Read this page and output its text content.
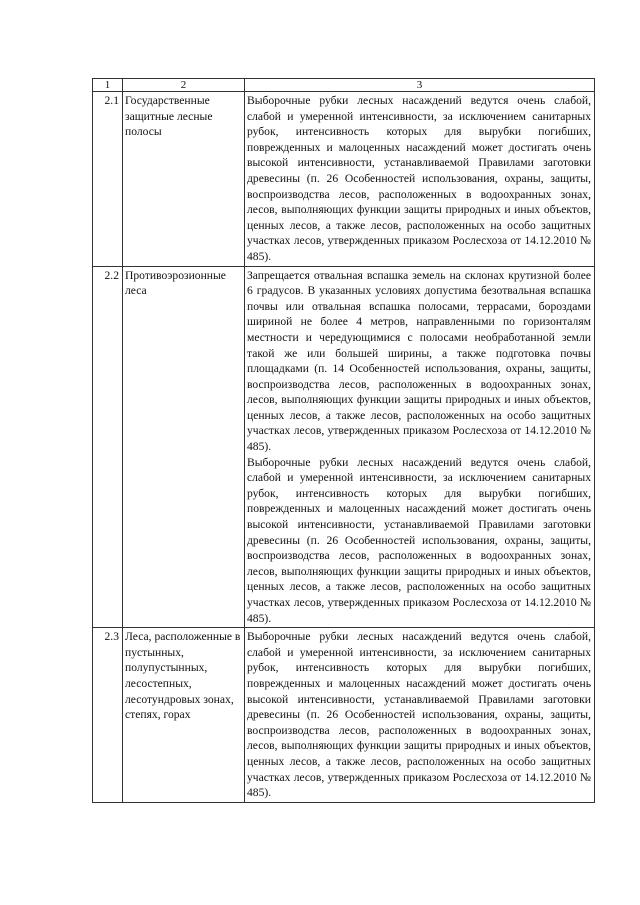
1	2	3
2.1	Государственные защитные лесные полосы	Выборочные рубки лесных насаждений ведутся очень слабой, слабой и умеренной интенсивности, за исключением санитарных рубок, интенсивность которых для вырубки погибших, поврежденных и малоценных насаждений может достигать очень высокой интенсивности, устанавливаемой Правилами заготовки древесины (п. 26 Особенностей использования, охраны, защиты, воспроизводства лесов, расположенных в водоохранных зонах, лесов, выполняющих функции защиты природных и иных объектов, ценных лесов, а также лесов, расположенных на особо защитных участках лесов, утвержденных приказом Рослесхоза от 14.12.2010 № 485).

2.2	Противоэрозионные леса	Запрещается отвальная вспашка земель на склонах крутизной более 6 градусов. В указанных условиях допустима безотвальная вспашка почвы или отвальная вспашка полосами, террасами, бороздами шириной не более 4 метров, направленными по горизонталям местности и чередующимися с полосами необработанной земли такой же или большей ширины, а также подготовка почвы площадками (п. 14 Особенностей использования, охраны, защиты, воспроизводства лесов, расположенных в водоохранных зонах, лесов, выполняющих функции защиты природных и иных объектов, ценных лесов, а также лесов, расположенных на особо защитных участках лесов, утвержденных приказом Рослесхоза от 14.12.2010 № 485).
Выборочные рубки лесных насаждений ведутся очень слабой, слабой и умеренной интенсивности, за исключением санитарных рубок, интенсивность которых для вырубки погибших, поврежденных и малоценных насаждений может достигать очень высокой интенсивности, устанавливаемой Правилами заготовки древесины (п. 26 Особенностей использования, охраны, защиты, воспроизводства лесов, расположенных в водоохранных зонах, лесов, выполняющих функции защиты природных и иных объектов, ценных лесов, а также лесов, расположенных на особо защитных участках лесов, утвержденных приказом Рослесхоза от 14.12.2010 № 485).

2.3	Леса, расположенные в пустынных, полупустынных, лесостепных, лесотундровых зонах, степях, горах	Выборочные рубки лесных насаждений ведутся очень слабой, слабой и умеренной интенсивности, за исключением санитарных рубок, интенсивность которых для вырубки погибших, поврежденных и малоценных насаждений может достигать очень высокой интенсивности, устанавливаемой Правилами заготовки древесины (п. 26 Особенностей использования, охраны, защиты, воспроизводства лесов, расположенных в водоохранных зонах, лесов, выполняющих функции защиты природных и иных объектов, ценных лесов, а также лесов, расположенных на особо защитных участках лесов, утвержденных приказом Рослесхоза от 14.12.2010 № 485).
